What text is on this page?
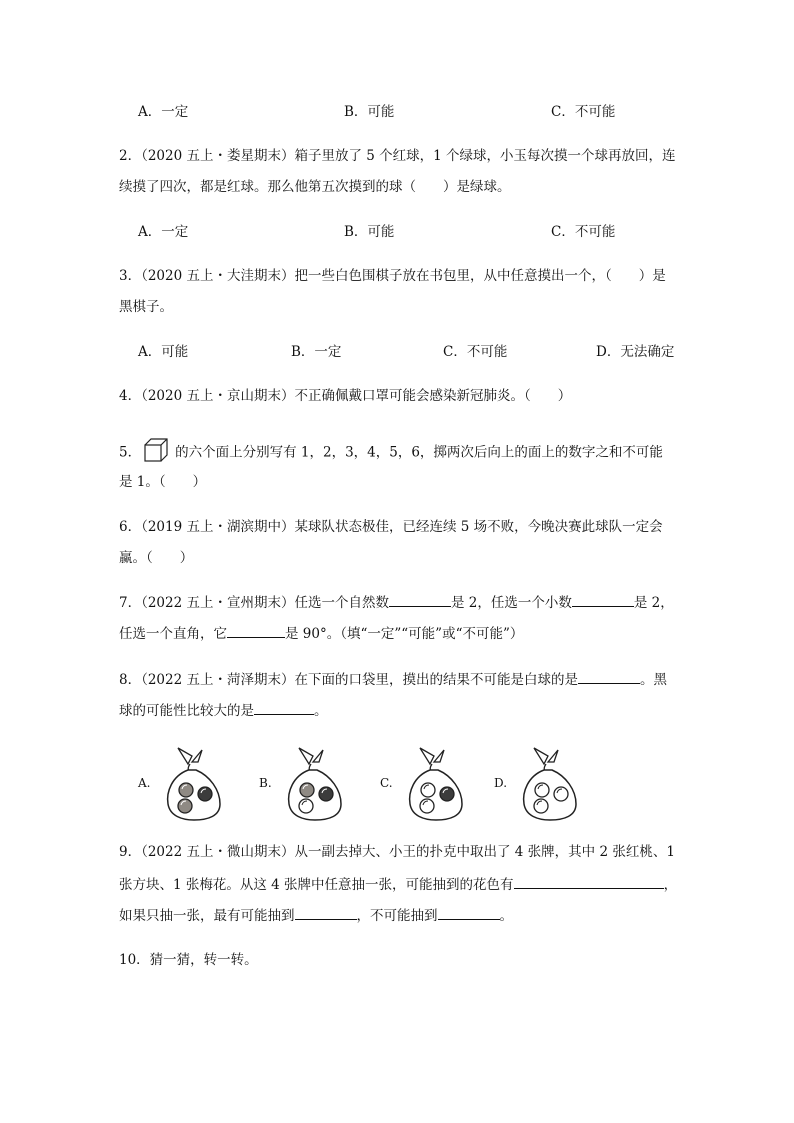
A．一定	B．可能	C．不可能
2．（2020 五上・娄星期末）箱子里放了 5 个红球，1 个绿球，小玉每次摸一个球再放回，连
续摸了四次，都是红球。那么他第五次摸到的球（　　）是绿球。
A．一定	B．可能	C．不可能
3．（2020 五上・大洼期末）把一些白色围棋子放在书包里，从中任意摸出一个，（　　）是
黑棋子。
A．可能	B．一定	C．不可能	D．无法确定
4．（2020 五上・京山期末）不正确佩戴口罩可能会感染新冠肺炎。（　　）
5．	的六个面上分别写有 1，2，3，4，5，6，掷两次后向上的面上的数字之和不可能
是 1。（　　）
6．（2019 五上・湖滨期中）某球队状态极佳，已经连续 5 场不败，今晚决赛此球队一定会
赢。（　　）
7．（2022 五上・宣州期末）任选一个自然数	是 2，任选一个小数	是 2，
任选一个直角，它	是 90°。（填“一定”“可能”或“不可能”）
8．（2022 五上・菏泽期末）在下面的口袋里，摸出的结果不可能是白球的是	。黑
球的可能性比较大的是	。
A.	B.	C.	D.
9．（2022 五上・微山期末）从一副去掉大、小王的扑克中取出了 4 张牌，其中 2 张红桃、1
张方块、1 张梅花。从这 4 张牌中任意抽一张，可能抽到的花色有	，
如果只抽一张，最有可能抽到	，不可能抽到	。
10．猜一猜，转一转。
